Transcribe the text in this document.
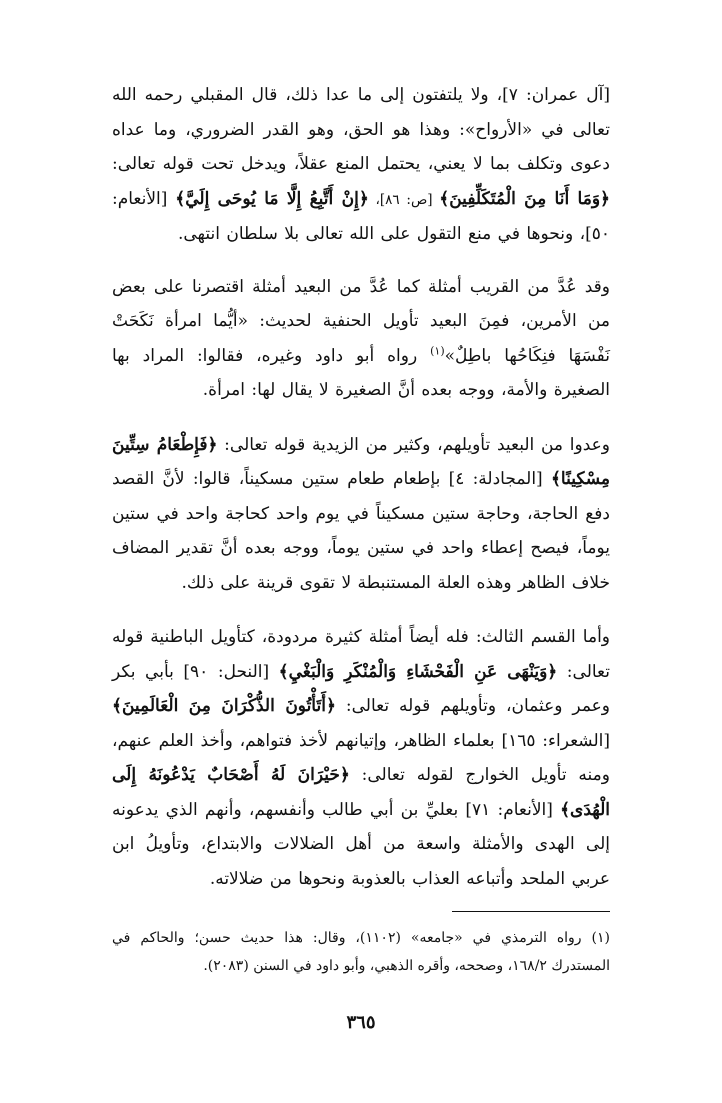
[آل عمران: ٧]، ولا يلتفتون إلى ما عدا ذلك، قال المقبلي رحمه الله تعالى في «الأرواح»: وهذا هو الحق، وهو القدر الضروري، وما عداه دعوى وتكلف بما لا يعني، يحتمل المنع عقلاً، ويدخل تحت قوله تعالى: ﴿وَمَا أَنَا مِنَ الْمُتَكَلِّفِينَ﴾ [ص: ٨٦]، ﴿إِنْ أَتَّبِعُ إِلَّا مَا يُوحَى إِلَيَّ﴾ [الأنعام: ٥٠]، ونحوها في منع التقول على الله تعالى بلا سلطان انتهى.

وقد عُدَّ من القريب أمثلة كما عُدَّ من البعيد أمثلة اقتصرنا على بعض من الأمرين، فمِنَ البعيد تأويل الحنفية لحديث: «أيُّما امرأة نَكَحَتْ نَفْسَهَا فنِكَاحُها باطِلٌ»$^{(١)}$ رواه أبو داود وغيره، فقالوا: المراد بها الصغيرة والأمة، ووجه بعده أنَّ الصغيرة لا يقال لها: امرأة.

وعدوا من البعيد تأويلهم، وكثير من الزيدية قوله تعالى: ﴿فَإِطْعَامُ سِتِّينَ مِسْكِينًا﴾ [المجادلة: ٤] بإطعام طعام ستين مسكيناً، قالوا: لأنَّ القصد دفع الحاجة، وحاجة ستين مسكيناً في يوم واحد كحاجة واحد في ستين يوماً، فيصح إعطاء واحد في ستين يوماً، ووجه بعده أنَّ تقدير المضاف خلاف الظاهر وهذه العلة المستنبطة لا تقوى قرينة على ذلك.

وأما القسم الثالث: فله أيضاً أمثلة كثيرة مردودة، كتأويل الباطنية قوله تعالى: ﴿وَيَنْهَى عَنِ الْفَحْشَاءِ وَالْمُنْكَرِ وَالْبَغْيِ﴾ [النحل: ٩٠] بأبي بكر وعمر وعثمان، وتأويلهم قوله تعالى: ﴿أَتَأْتُونَ الذُّكْرَانَ مِنَ الْعَالَمِينَ﴾ [الشعراء: ١٦٥] بعلماء الظاهر، وإتيانهم لأخذ فتواهم، وأخذ العلم عنهم، ومنه تأويل الخوارج لقوله تعالى: ﴿حَيْرَانَ لَهُ أَصْحَابٌ يَدْعُونَهُ إِلَى الْهُدَى﴾ [الأنعام: ٧١] بعليِّ بن أبي طالب وأنفسهم، وأنهم الذي يدعونه إلى الهدى والأمثلة واسعة من أهل الضلالات والابتداع، وتأويلُ ابن عربي الملحد وأتباعه العذاب بالعذوبة ونحوها من ضلالاته.

(١) رواه الترمذي في «جامعه» (١١٠٢)، وقال: هذا حديث حسن؛ والحاكم في المستدرك ١٦٨/٢، وصححه، وأقره الذهبي، وأبو داود في السنن (٢٠٨٣).

٣٦٥
